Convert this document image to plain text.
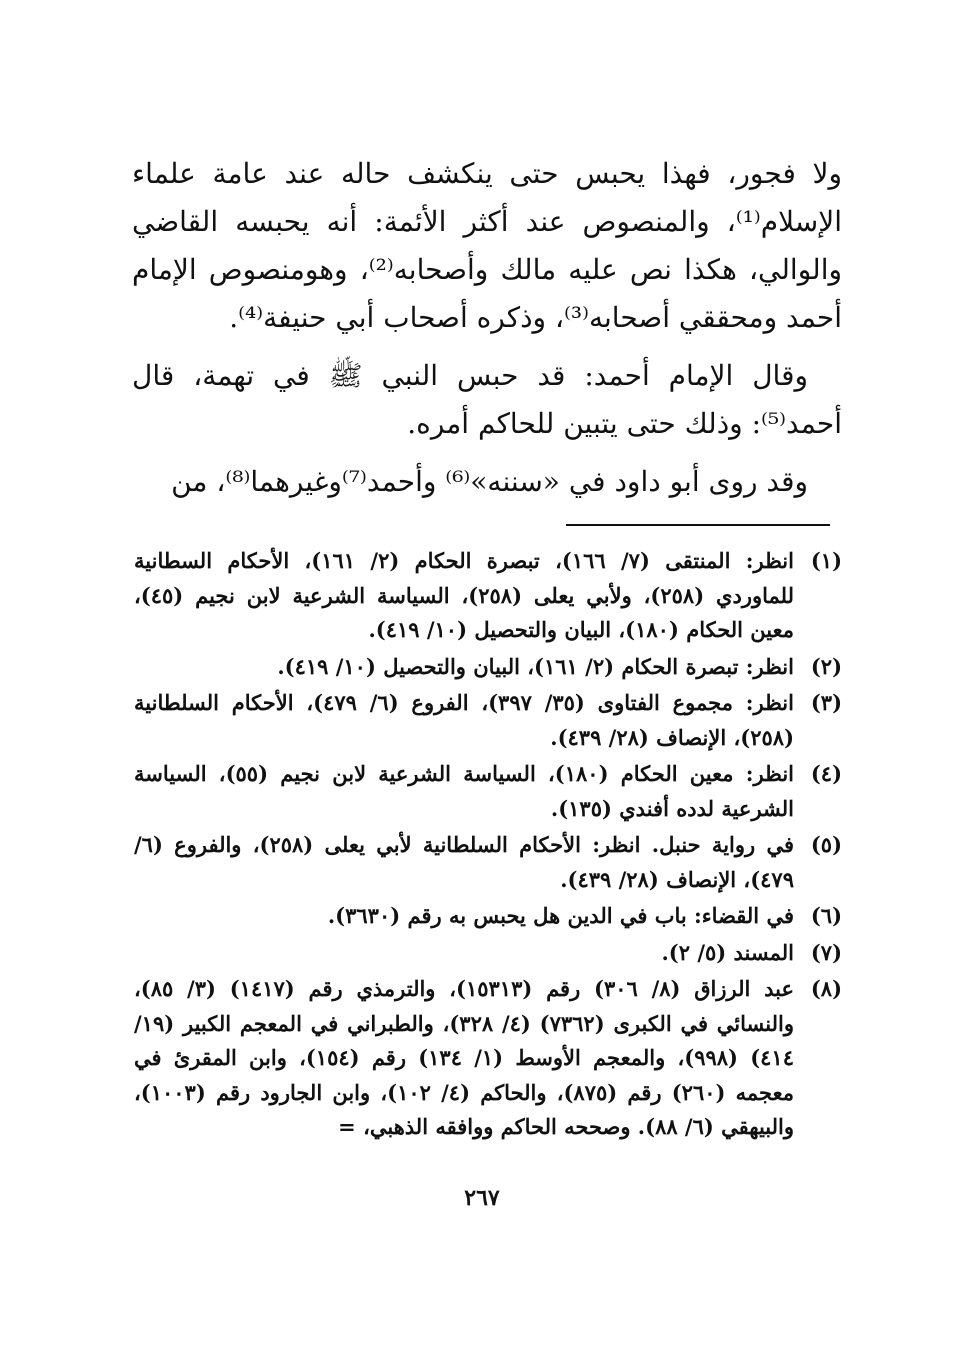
ولا فجور، فهذا يحبس حتى ينكشف حاله عند عامة علماء الإسلام⁽¹⁾، والمنصوص عند أكثر الأئمة: أنه يحبسه القاضي والوالي، هكذا نص عليه مالك وأصحابه⁽²⁾، وهومنصوص الإمام أحمد ومحققي أصحابه⁽³⁾، وذكره أصحاب أبي حنيفة⁽⁴⁾.

وقال الإمام أحمد: قد حبس النبي ﷺ في تهمة، قال أحمد⁽⁵⁾: وذلك حتى يتبين للحاكم أمره.

وقد روى أبو داود في «سننه»⁽⁶⁾ وأحمد⁽⁷⁾وغيرهما⁽⁸⁾، من

(١)
انظر: المنتقى (٧/ ١٦٦)، تبصرة الحكام (٢/ ١٦١)، الأحكام السطانية للماوردي (٢٥٨)، ولأبي يعلى (٢٥٨)، السياسة الشرعية لابن نجيم (٤٥)، معين الحكام (١٨٠)، البيان والتحصيل (١٠/ ٤١٩).
(٢)
انظر: تبصرة الحكام (٢/ ١٦١)، البيان والتحصيل (١٠/ ٤١٩).
(٣)
انظر: مجموع الفتاوى (٣٥/ ٣٩٧)، الفروع (٦/ ٤٧٩)، الأحكام السلطانية (٢٥٨)، الإنصاف (٢٨/ ٤٣٩).
(٤)
انظر: معين الحكام (١٨٠)، السياسة الشرعية لابن نجيم (٥٥)، السياسة الشرعية لدده أفندي (١٣٥).
(٥)
في رواية حنبل. انظر: الأحكام السلطانية لأبي يعلى (٢٥٨)، والفروع (٦/ ٤٧٩)، الإنصاف (٢٨/ ٤٣٩).
(٦)
في القضاء: باب في الدين هل يحبس به رقم (٣٦٣٠).
(٧)
المسند (٥/ ٢).
(٨)
عبد الرزاق (٨/ ٣٠٦) رقم (١٥٣١٣)، والترمذي رقم (١٤١٧) (٣/ ٨٥)، والنسائي في الكبرى (٧٣٦٢) (٤/ ٣٢٨)، والطبراني في المعجم الكبير (١٩/ ٤١٤) (٩٩٨)، والمعجم الأوسط (١/ ١٣٤) رقم (١٥٤)، وابن المقرئ في معجمه (٢٦٠) رقم (٨٧٥)، والحاكم (٤/ ١٠٢)، وابن الجارود رقم (١٠٠٣)، والبيهقي (٦/ ٨٨). وصححه الحاكم ووافقه الذهبي، =
٢٦٧
